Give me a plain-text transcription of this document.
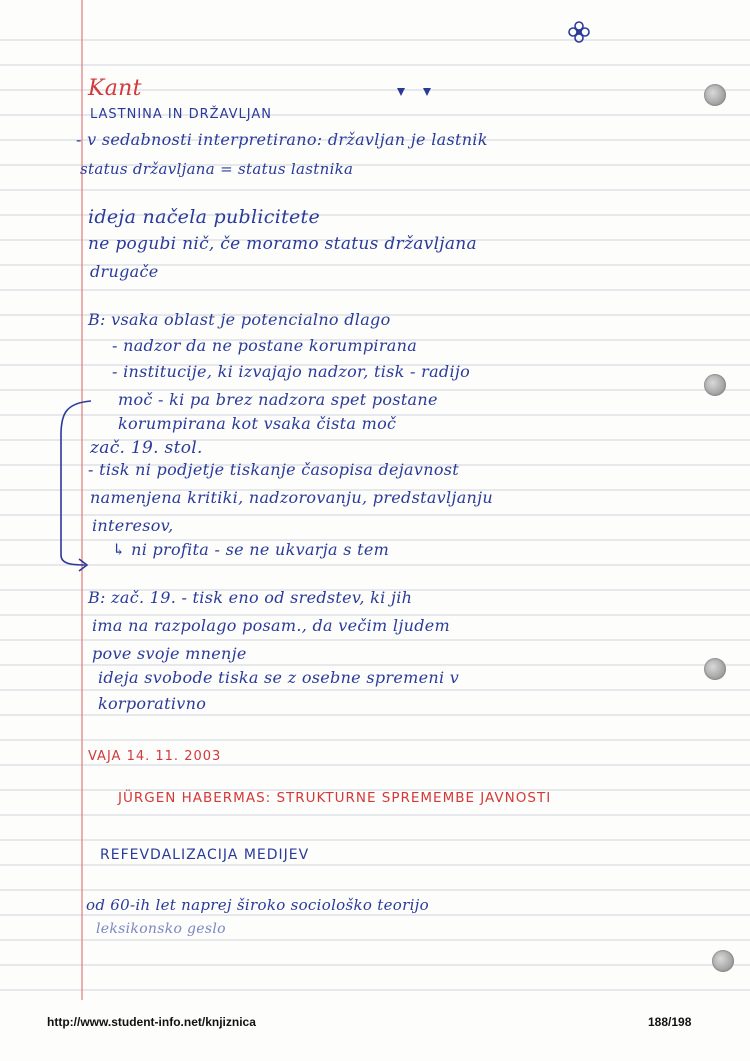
Kant
LASTNINA IN DRŽAVLJAN
- v sedabnosti interpretirano: državljan je lastnik
status državljana = status lastnika
ideja načela publicitete
ne pogubi nič, če moramo status državljana
drugače
B: vsaka oblast je potencialno dlago
- nadzor da ne postane korumpirana
- institucije, ki izvajajo nadzor, tisk - radijo
moč - ki pa brez nadzora spet postane
korumpirana kot vsaka čista moč
zač. 19. stol.
- tisk ni podjetje tiskanje časopisa dejavnost
namenjena kritiki, nadzorovanju, predstavljanju
interesov,
↳ ni profita - se ne ukvarja s tem
B: zač. 19. - tisk eno od sredstev, ki jih
ima na razpolago posam., da večim ljudem
pove svoje mnenje
ideja svobode tiska se z osebne spremeni v
korporativno
VAJA 14. 11. 2003
JÜRGEN HABERMAS: STRUKTURNE SPREMEMBE JAVNOSTI
REFEVDALIZACIJA MEDIJEV
od 60-ih let naprej široko sociološko teorijo
leksikonsko geslo
http://www.student-info.net/knjiznica	188/198
